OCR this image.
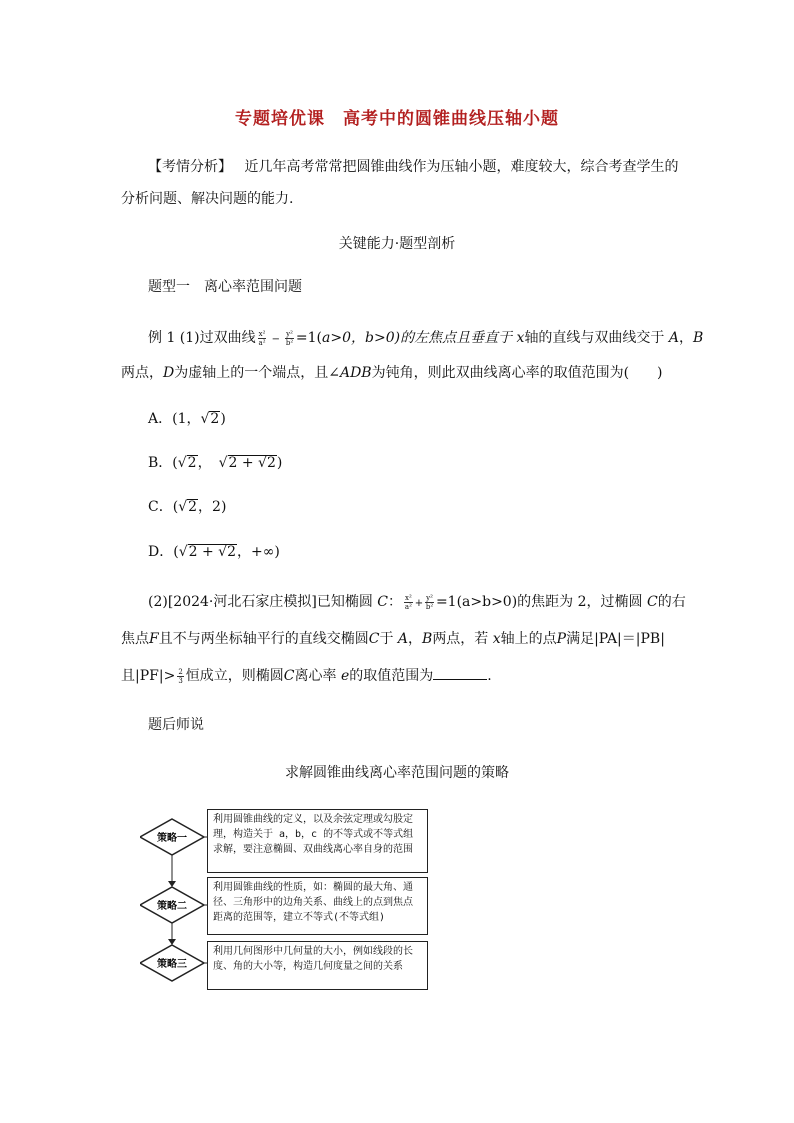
专题培优课　高考中的圆锥曲线压轴小题
【考情分析】 近几年高考常常把圆锥曲线作为压轴小题，难度较大，综合考查学生的
分析问题、解决问题的能力.
关键能力·题型剖析
题型一　离心率范围问题
例 1 (1)过双曲线 $\frac{\text{x²}}{\text{a²}} - \frac{\text{y²}}{\text{b²}} =1(a>0$，b>0)的左焦点且垂直于 x轴的直线与双曲线交于 A，B
两点，D为虚轴上的一个端点，且∠ADB为钝角，则此双曲线离心率的取值范围为(　　)
A．(1，√2)
B．(√2，　√2 + √2)
C．(√2，2)
D．(√2 + √2，+∞)
(2)[2024·河北石家庄模拟]已知椭圆 C： $\frac{\text{x²}}{\text{a²}} + \frac{\text{y²}}{\text{b²}} =1(a>b>0)$的焦距为 2，过椭圆 C的右
焦点F且不与两坐标轴平行的直线交椭圆C于 A，B两点，若 x轴上的点P满足|PA|＝|PB|
且$|PF|> \frac{2}{3}$ 恒成立，则椭圆C离心率 e的取值范围为	.
题后师说
求解圆锥曲线离心率范围问题的策略
策略一
策略二
策略三
利用圆锥曲线的定义，以及余弦定理或勾股定理，构造关于 a，b，c 的不等式或不等式组求解，要注意椭圆、双曲线离心率自身的范围
利用圆锥曲线的性质，如：椭圆的最大角、通径、三角形中的边角关系、曲线上的点到焦点距离的范围等，建立不等式(不等式组)
利用几何图形中几何量的大小，例如线段的长度、角的大小等，构造几何度量之间的关系
